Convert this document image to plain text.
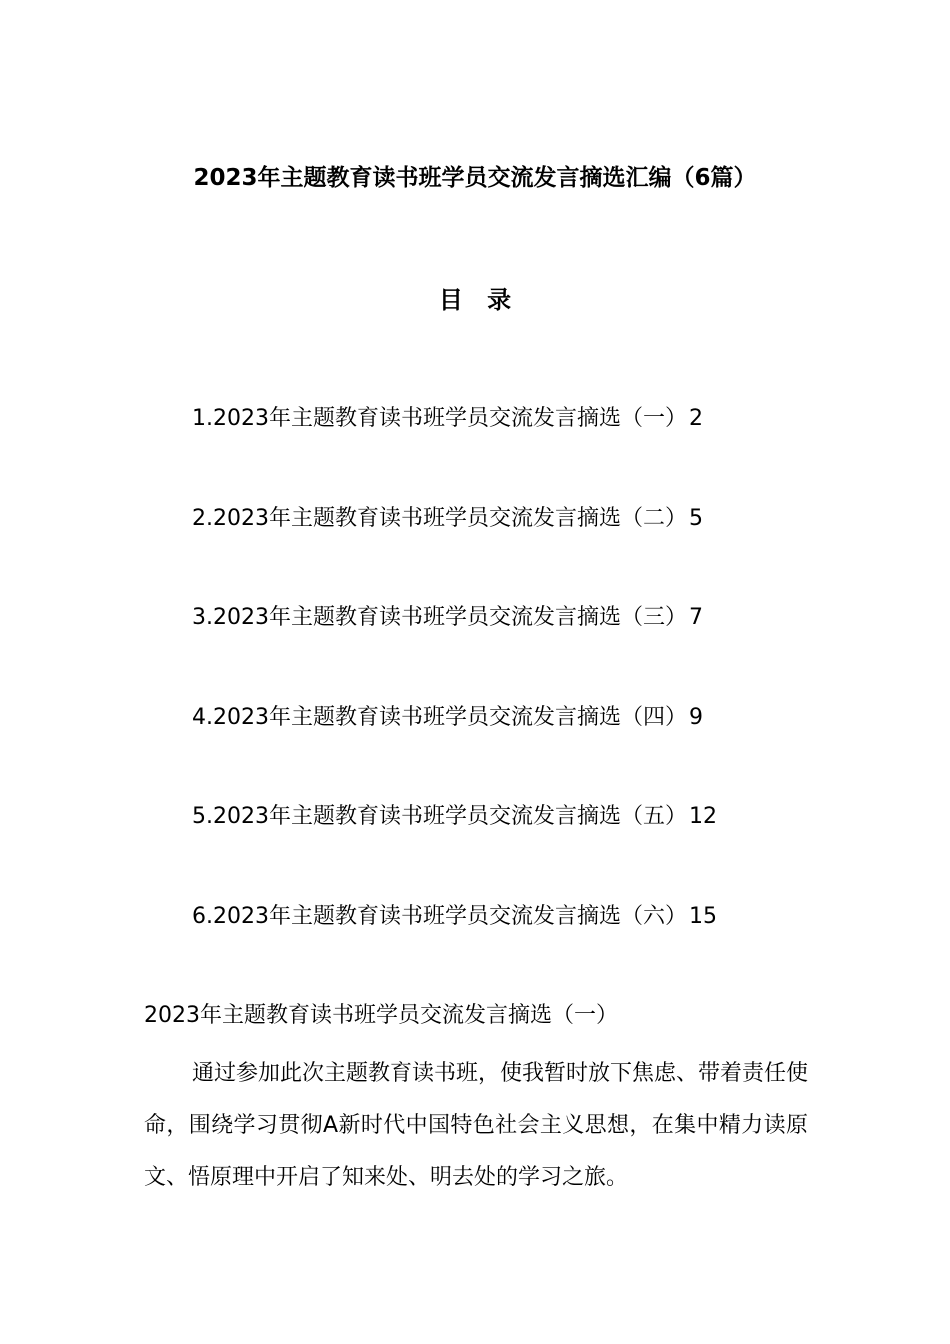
2023年主题教育读书班学员交流发言摘选汇编（6篇）
目 录
1.2023年主题教育读书班学员交流发言摘选（一）2
2.2023年主题教育读书班学员交流发言摘选（二）5
3.2023年主题教育读书班学员交流发言摘选（三）7
4.2023年主题教育读书班学员交流发言摘选（四）9
5.2023年主题教育读书班学员交流发言摘选（五）12
6.2023年主题教育读书班学员交流发言摘选（六）15
2023年主题教育读书班学员交流发言摘选（一）

通过参加此次主题教育读书班，使我暂时放下焦虑、带着责任使命，围绕学习贯彻A新时代中国特色社会主义思想，在集中精力读原文、悟原理中开启了知来处、明去处的学习之旅。
